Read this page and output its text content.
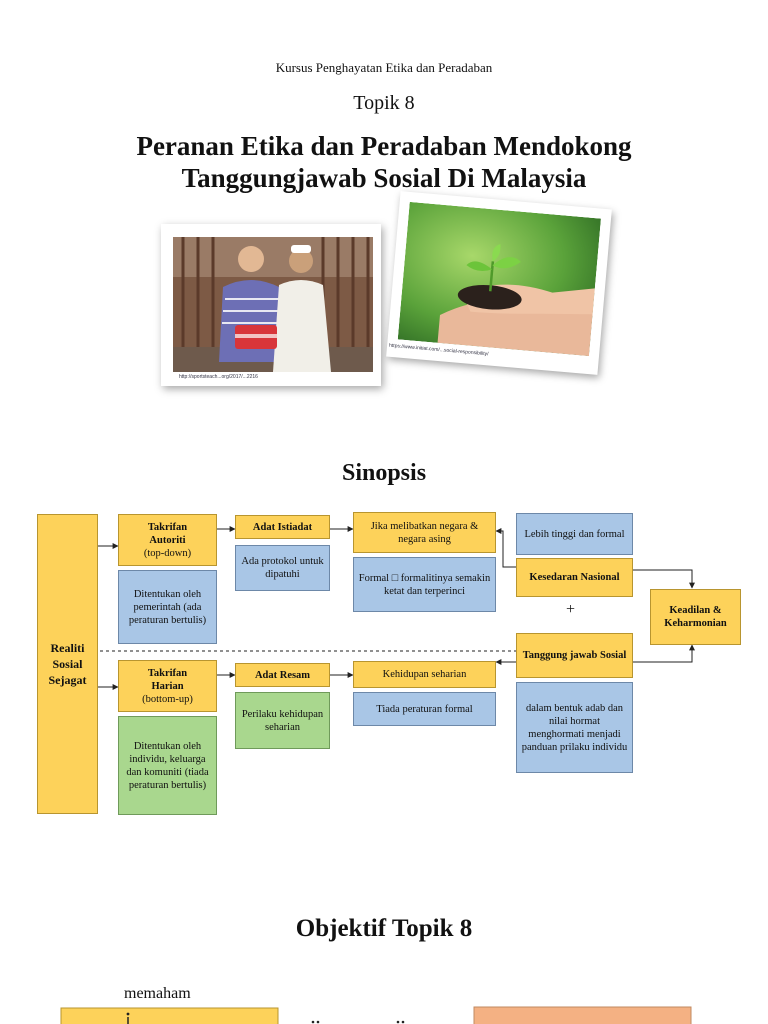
Kursus Penghayatan Etika dan Peradaban
Topik 8
Peranan Etika dan Peradaban Mendokong
Tanggungjawab Sosial Di Malaysia
http://sportsteach...org/2017/...2216
https://www.initiat.com/...social-responsibility/
Sinopsis
Realiti
Sosial
Sejagat
Takrifan
Autoriti
(top-down)
Ditentukan oleh pemerintah (ada peraturan bertulis)
Adat Istiadat
Ada protokol untuk dipatuhi
Jika melibatkan negara & negara asing
Formal □ formalitinya semakin ketat dan terperinci
Lebih tinggi dan formal
Kesedaran Nasional
+	Keadilan & Keharmonian
Takrifan
Harian
(bottom-up)
Ditentukan oleh individu, keluarga dan komuniti (tiada peraturan bertulis)
Adat Resam
Perilaku kehidupan seharian
Kehidupan seharian
Tiada peraturan formal
Tanggung jawab Sosial
dalam bentuk adab dan nilai hormat menghormati menjadi panduan prilaku individu
Objektif Topik 8
memaham
